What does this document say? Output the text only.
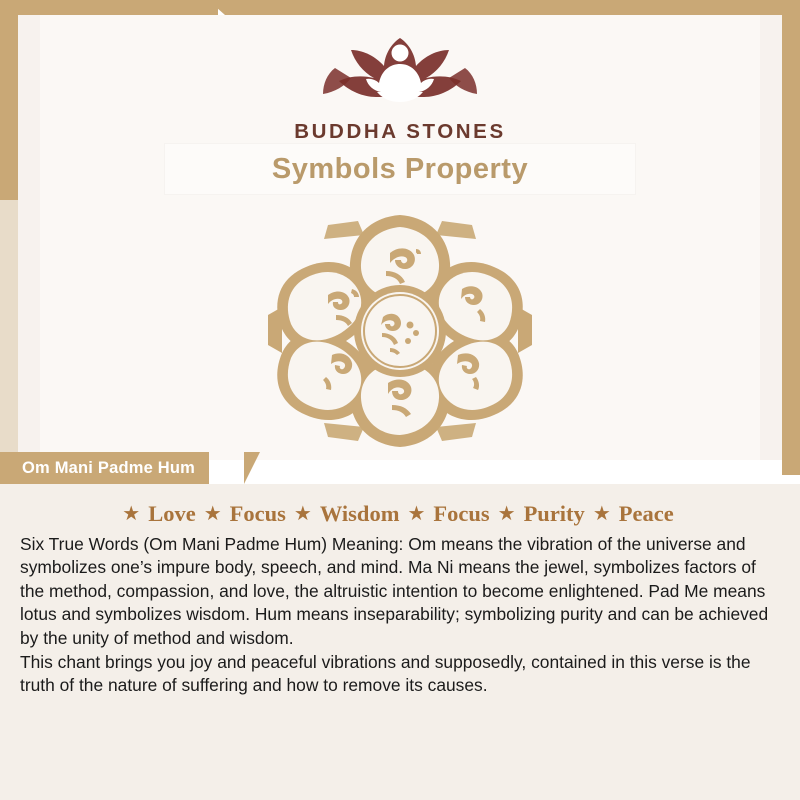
BUDDHA STONES
Symbols Property
Om Mani Padme Hum
★ Love ★ Focus ★ Wisdom ★ Focus ★ Purity ★ Peace

Six True Words (Om Mani Padme Hum) Meaning: Om means the vibration of the universe and symbolizes one’s impure body, speech, and mind. Ma Ni means the jewel, symbolizes factors of the method, compassion, and love, the altruistic intention to become enlightened. Pad Me means lotus and symbolizes wisdom. Hum means inseparability; symbolizing purity and can be achieved by the unity of method and wisdom.

This chant brings you joy and peaceful vibrations and supposedly, contained in this verse is the truth of the nature of suffering and how to remove its causes.
